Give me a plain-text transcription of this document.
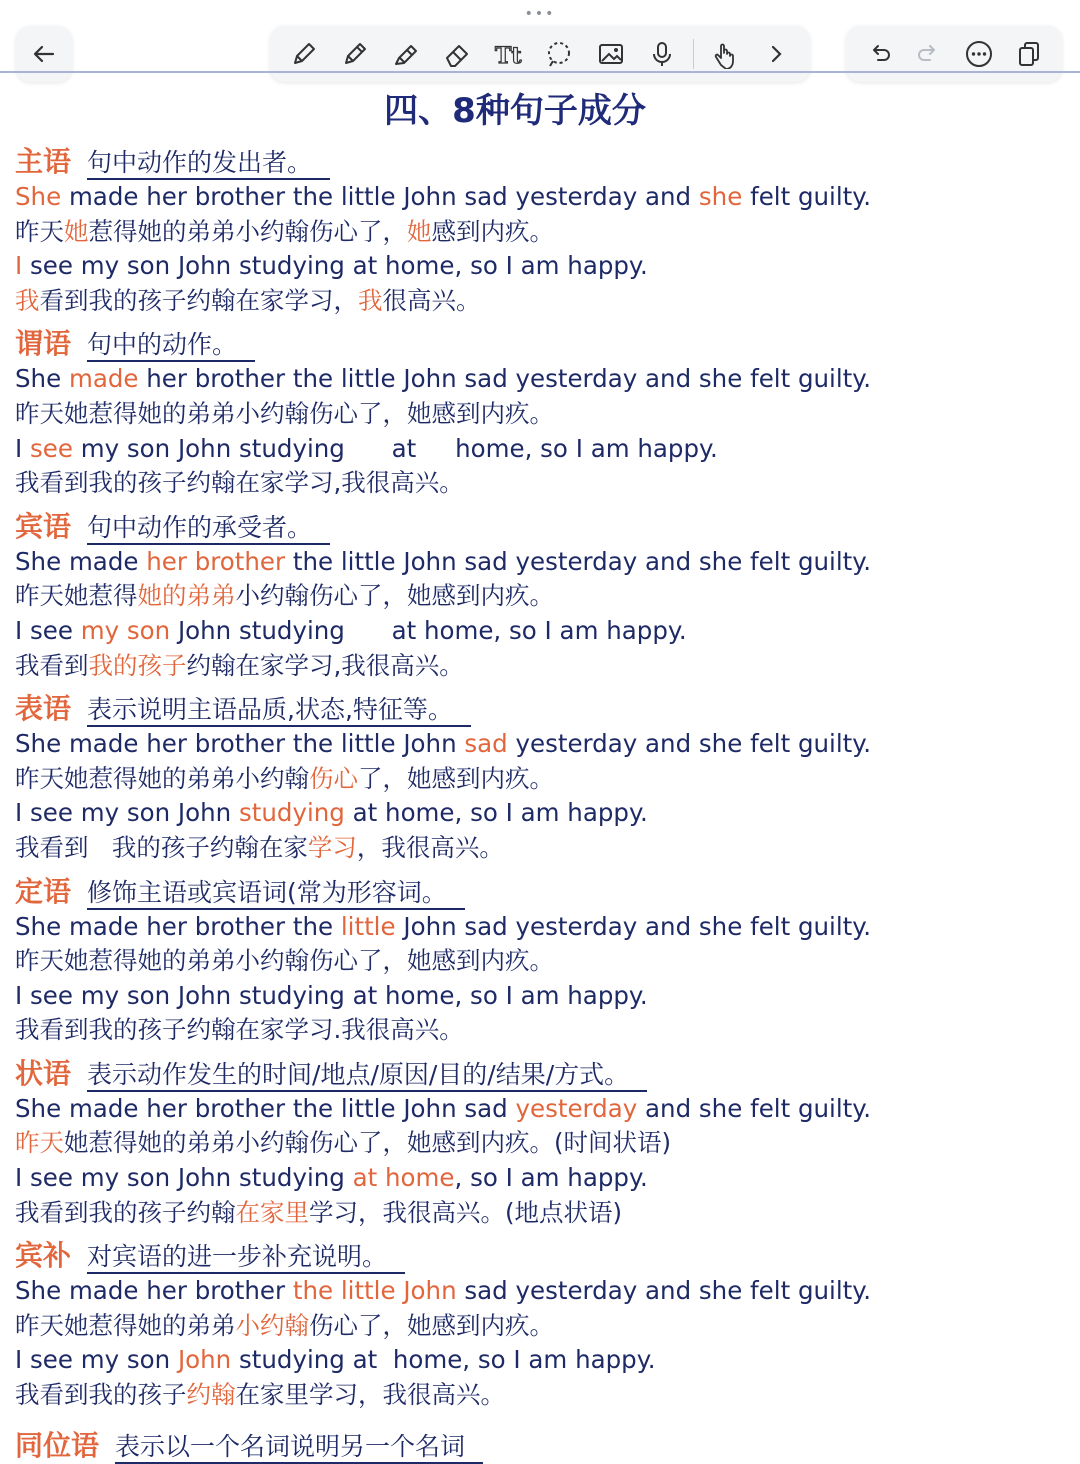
•••
Tt
四、8种句子成分
主语 句中动作的发出者。
She made her brother the little John sad yesterday and she felt guilty.
昨天她惹得她的弟弟小约翰伤心了，她感到内疚。
I see my son John studying at home, so I am happy.
我看到我的孩子约翰在家学习，我很高兴。
谓语 句中的动作。
She made her brother the little John sad yesterday and she felt guilty.
昨天她惹得她的弟弟小约翰伤心了，她感到内疚。
I see my son John studying      at     home, so I am happy.
我看到我的孩子约翰在家学习,我很高兴。
宾语 句中动作的承受者。
She made her brother the little John sad yesterday and she felt guilty.
昨天她惹得她的弟弟小约翰伤心了，她感到内疚。
I see my son John studying      at home, so I am happy.
我看到我的孩子约翰在家学习,我很高兴。
表语 表示说明主语品质,状态,特征等。
She made her brother the little John sad yesterday and she felt guilty.
昨天她惹得她的弟弟小约翰伤心了，她感到内疚。
I see my son John studying at home, so I am happy.
我看到   我的孩子约翰在家学习，我很高兴。
定语 修饰主语或宾语词(常为形容词。
She made her brother the little John sad yesterday and she felt guilty.
昨天她惹得她的弟弟小约翰伤心了，她感到内疚。
I see my son John studying at home, so I am happy.
我看到我的孩子约翰在家学习.我很高兴。
状语 表示动作发生的时间/地点/原因/目的/结果/方式。
She made her brother the little John sad yesterday and she felt guilty.
昨天她惹得她的弟弟小约翰伤心了，她感到内疚。(时间状语)
I see my son John studying at home, so I am happy.
我看到我的孩子约翰在家里学习，我很高兴。(地点状语)
宾补 对宾语的进一步补充说明。
She made her brother the little John sad yesterday and she felt guilty.
昨天她惹得她的弟弟小约翰伤心了，她感到内疚。
I see my son John studying at  home, so I am happy.
我看到我的孩子约翰在家里学习，我很高兴。
同位语 表示以一个名词说明另一个名词
